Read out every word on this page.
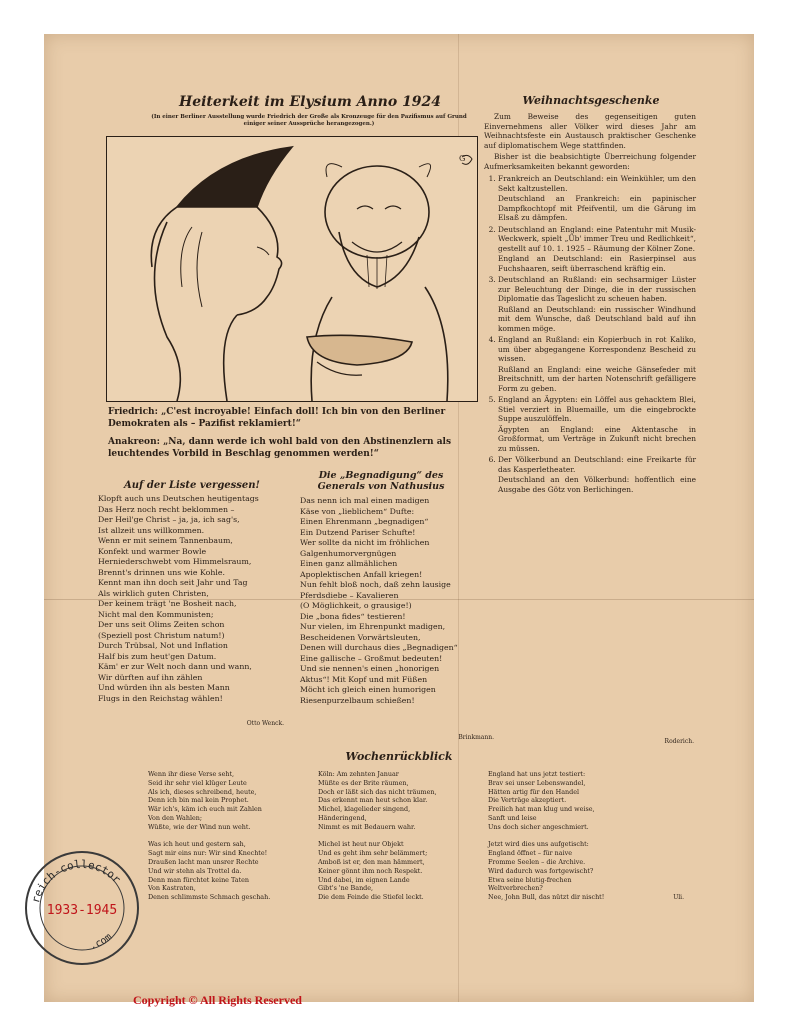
Heiterkeit im Elysium Anno 1924
(In einer Berliner Ausstellung wurde Friedrich der Große als Kronzeuge für den Pazifismus auf Grund einiger seiner Aussprüche herangezogen.)
G
Friedrich: „C'est incroyable! Einfach doll! Ich bin von den Berliner Demokraten als – Pazifist reklamiert!“
Anakreon: „Na, dann werde ich wohl bald von den Abstinenzlern als leuchtendes Vorbild in Beschlag genommen werden!“
Auf der Liste vergessen!
Klopft auch uns Deutschen heutigentags
Das Herz noch recht beklommen –
Der Heil'ge Christ – ja, ja, ich sag's,
Ist allzeit uns willkommen.
Wenn er mit seinem Tannenbaum,
Konfekt und warmer Bowle
Herniederschwebt vom Himmelsraum,
Brennt's drinnen uns wie Kohle.
Kennt man ihn doch seit Jahr und Tag
Als wirklich guten Christen,
Der keinem trägt 'ne Bosheit nach,
Nicht mal den Kommunisten;
Der uns seit Olims Zeiten schon
(Speziell post Christum natum!)
Durch Trübsal, Not und Inflation
Half bis zum heut'gen Datum.
Käm' er zur Welt noch dann und wann,
Wir dürften auf ihn zählen
Und würden ihn als besten Mann
Flugs in den Reichstag wählen!
Otto Wenck.
Die „Begnadigung“ des Generals von Nathusius
Das nenn ich mal einen madigen
Käse von „lieblichem“ Dufte:
Einen Ehrenmann „begnadigen“
Ein Dutzend Pariser Schufte!
Wer sollte da nicht im fröhlichen
Galgenhumorvergnügen
Einen ganz allmählichen
Apoplektischen Anfall kriegen!
Nun fehlt bloß noch, daß zehn lausige
Pferdsdiebe – Kavalieren
(O Möglichkeit, o grausige!)
Die „bona fides“ testieren!
Nur vielen, im Ehrenpunkt madigen,
Bescheidenen Vorwärtsleuten,
Denen will durchaus dies „Begnadigen“
Eine gallische – Großmut bedeuten!
Und sie nennen's einen „honorigen
Aktus“! Mit Kopf und mit Füßen
Möcht ich gleich einen humorigen
Riesenpurzelbaum schießen!
Brinkmann.
Weihnachtsgeschenke
Zum Beweise des gegenseitigen guten Einvernehmens aller Völker wird dieses Jahr am Weihnachtsfeste ein Austausch praktischer Geschenke auf diplomatischem Wege stattfinden.
Bisher ist die beabsichtigte Überreichung folgender Aufmerksamkeiten bekannt geworden:
1. Frankreich an Deutschland: ein Weinkühler, um den Sekt kaltzustellen.
Deutschland an Frankreich: ein papinischer Dampfkochtopf mit Pfeifventil, um die Gärung im Elsaß zu dämpfen.
2. Deutschland an England: eine Patentuhr mit Musik-Weckwerk, spielt „Üb' immer Treu und Redlichkeit“, gestellt auf 10. 1. 1925 – Räumung der Kölner Zone.
England an Deutschland: ein Rasierpinsel aus Fuchshaaren, seift überraschend kräftig ein.
3. Deutschland an Rußland: ein sechsarmiger Lüster zur Beleuchtung der Dinge, die in der russischen Diplomatie das Tageslicht zu scheuen haben.
Rußland an Deutschland: ein russischer Windhund mit dem Wunsche, daß Deutschland bald auf ihn kommen möge.
4. England an Rußland: ein Kopierbuch in rot Kaliko, um über abgegangene Korrespondenz Bescheid zu wissen.
Rußland an England: eine weiche Gänsefeder mit Breitschnitt, um der harten Notenschrift gefälligere Form zu geben.
5. England an Ägypten: ein Löffel aus gehacktem Blei, Stiel verziert in Bluemaille, um die eingebrockte Suppe auszulöffeln.
Ägypten an England: eine Aktentasche in Großformat, um Verträge in Zukunft nicht brechen zu müssen.
6. Der Völkerbund an Deutschland: eine Freikarte für das Kasperletheater.
Deutschland an den Völkerbund: hoffentlich eine Ausgabe des Götz von Berlichingen.
Roderich.
Wochenrückblick
Wenn ihr diese Verse seht,
Seid ihr sehr viel klüger Leute
Als ich, dieses schreibend, heute,
Denn ich bin mal kein Prophet.
Wär ich's, käm ich euch mit Zahlen
Von den Wahlen;
Wüßte, wie der Wind nun weht.

Was ich heut und gestern sah,
Sagt mir eins nur: Wir sind Knechte!
Draußen lacht man unsrer Rechte
Und wir stehn als Trottel da.
Denn man fürchtet keine Taten
Von Kastraten,
Denen schlimmste Schmach geschah.
Köln: Am zehnten Januar
Müßte es der Brite räumen,
Doch er läßt sich das nicht träumen,
Das erkennt man heut schon klar.
Michel, klagelieder singend,
Händeringend,
Nimmt es mit Bedauern wahr.

Michel ist heut nur Objekt
Und es geht ihm sehr belämmert;
Amboß ist er, den man hämmert,
Keiner gönnt ihm noch Respekt.
Und dabei, im eignen Lande
Gibt's 'ne Bande,
Die dem Feinde die Stiefel leckt.
England hat uns jetzt testiert:
Brav sei unser Lebenswandel,
Hätten artig für den Handel
Die Verträge akzeptiert.
Freilich hat man klug und weise,
Sanft und leise
Uns doch sicher angeschmiert.

Jetzt wird dies uns aufgetischt:
England öffnet – für naive
Fromme Seelen – die Archive.
Wird dadurch was fortgewischt?
Etwa seine blutig-frechen
Weltverbrechen?
Nee, John Bull, das nützt dir nischt!	Uli.
reich-collector
.com
1933-1945
Copyright © All Rights Reserved
